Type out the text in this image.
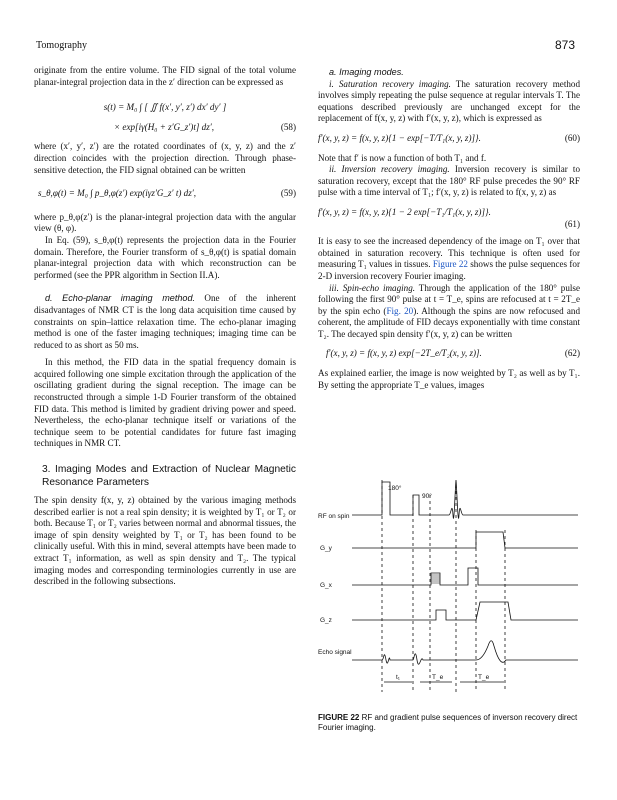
Tomography	873

originate from the entire volume. The FID signal of the total volume planar-integral projection data in the z′ direction can be expressed as

s(t) = M₀ ∫ [ ∬ f(x′, y′, z′) dx′ dy′ ]
× exp[iγ(H₀ + z′G_z′)t] dz′,	(58)

where (x′, y′, z′) are the rotated coordinates of (x, y, z) and the z′ direction coincides with the projection direction. Through phase-sensitive detection, the FID signal obtained can be written

s_θ,φ(t) = M₀ ∫ p_θ,φ(z′) exp(iγz′G_z′ t) dz′,	(59)

where p_θ,φ(z′) is the planar-integral projection data with the angular view (θ, φ).

In Eq. (59), s_θ,φ(t) represents the projection data in the Fourier domain. Therefore, the Fourier transform of s_θ,φ(t) is spatial domain planar-integral projection data with which reconstruction can be performed (see the PPR algorithm in Section II.A).

d. Echo-planar imaging method. One of the inherent disadvantages of NMR CT is the long data acquisition time caused by constraints on spin–lattice relaxation time. The echo-planar imaging method is one of the faster imaging techniques; imaging time can be reduced to as short as 50 ms.

In this method, the FID data in the spatial frequency domain is acquired following one simple excitation through the application of the oscillating gradient during the signal reception. The image can be reconstructed through a simple 1-D Fourier transform of the obtained FID data. This method is limited by gradient driving power and speed. Nevertheless, the echo-planar technique itself or variations of the technique seem to be potential candidates for future fast imaging techniques in NMR CT.

3. Imaging Modes and Extraction of Nuclear Magnetic Resonance Parameters

The spin density f(x, y, z) obtained by the various imaging methods described earlier is not a real spin density; it is weighted by T₁ or T₂ or both. Because T₁ or T₂ varies between normal and abnormal tissues, the image of spin density weighted by T₁ or T₂ has been found to be clinically useful. With this in mind, several attempts have been made to extract T₁ information, as well as spin density and T₂. The typical imaging modes and corresponding terminologies currently in use are described in the following subsections.

a. Imaging modes.

i. Saturation recovery imaging. The saturation recovery method involves simply repeating the pulse sequence at regular intervals T. The equations described previously are unchanged except for the replacement of f(x, y, z) with f′(x, y, z), which is expressed as

f′(x, y, z) = f(x, y, z){1 − exp[−T/T₁(x, y, z)]}.	(60)

Note that f′ is now a function of both T₁ and f.

ii. Inversion recovery imaging. Inversion recovery is similar to saturation recovery, except that the 180° RF pulse precedes the 90° RF pulse with a time interval of T₁; f′(x, y, z) is related to f(x, y, z) as

f′(x, y, z) = f(x, y, z){1 − 2 exp[−T₁/T₁(x, y, z)]}.
(61)

It is easy to see the increased dependency of the image on T₁ over that obtained in saturation recovery. This technique is often used for measuring T₁ values in tissues. Figure 22 shows the pulse sequences for 2-D inversion recovery Fourier imaging.

iii. Spin-echo imaging. Through the application of the 180° pulse following the first 90° pulse at t = T_e, spins are refocused at t = 2T_e by the spin echo (Fig. 20). Although the spins are now refocused and coherent, the amplitude of FID decays exponentially with time constant T₂. The decayed spin density f′(x, y, z) can be written

f′(x, y, z) = f(x, y, z) exp[−2T_e/T₂(x, y, z)].	(62)

As explained earlier, the image is now weighted by T₂ as well as by T₁. By setting the appropriate T_e values, images

RF on spin
180°
90°
G_y
G_x
G_z
Echo signal
t₁	T_e	T_e
FIGURE 22 RF and gradient pulse sequences of inverson recovery direct Fourier imaging.
